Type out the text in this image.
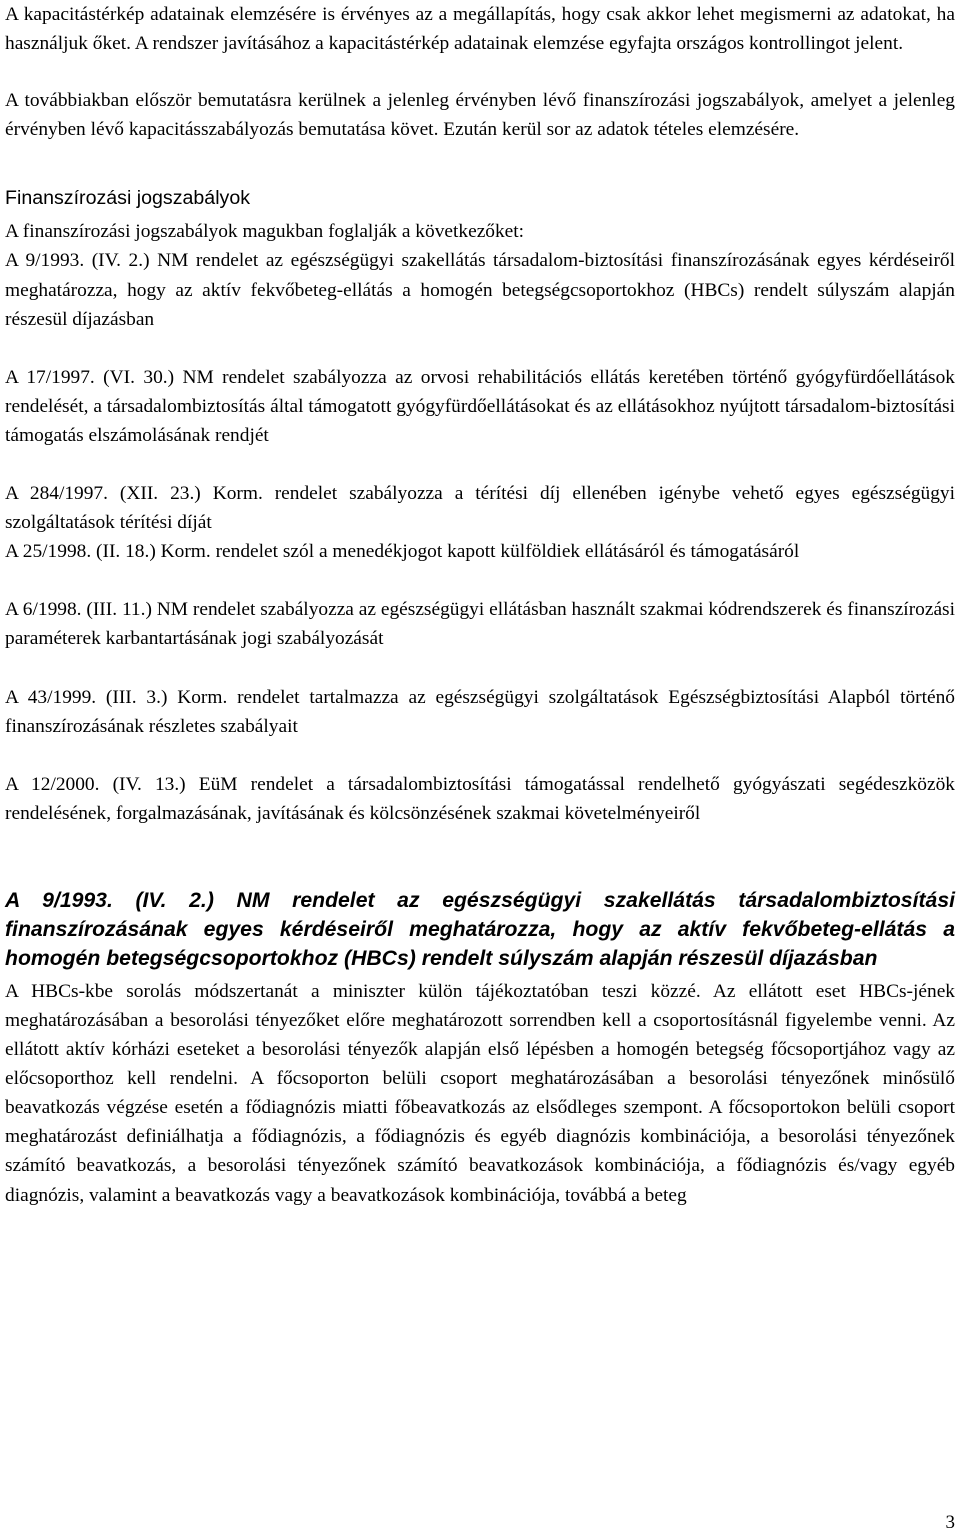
A kapacitástérkép adatainak elemzésére is érvényes az a megállapítás, hogy csak akkor lehet megismerni az adatokat, ha használjuk őket. A rendszer javításához a kapacitástérkép adatainak elemzése egyfajta országos kontrollingot jelent.

A továbbiakban először bemutatásra kerülnek a jelenleg érvényben lévő finanszírozási jogszabályok, amelyet a jelenleg érvényben lévő kapacitásszabályozás bemutatása követ. Ezután kerül sor az adatok tételes elemzésére.

Finanszírozási jogszabályok

A finanszírozási jogszabályok magukban foglalják a következőket:

A 9/1993. (IV. 2.) NM rendelet az egészségügyi szakellátás társadalom-biztosítási finanszírozásának egyes kérdéseiről meghatározza, hogy az aktív fekvőbeteg-ellátás a homogén betegségcsoportokhoz (HBCs) rendelt súlyszám alapján részesül díjazásban

A 17/1997. (VI. 30.) NM rendelet szabályozza az orvosi rehabilitációs ellátás keretében történő gyógyfürdőellátások rendelését, a társadalombiztosítás által támogatott gyógyfürdőellátásokat és az ellátásokhoz nyújtott társadalom-biztosítási támogatás elszámolásának rendjét

A 284/1997. (XII. 23.) Korm. rendelet szabályozza a térítési díj ellenében igénybe vehető egyes egészségügyi szolgáltatások térítési díját

A 25/1998. (II. 18.) Korm. rendelet szól a menedékjogot kapott külföldiek ellátásáról és támogatásáról

A 6/1998. (III. 11.) NM rendelet szabályozza az egészségügyi ellátásban használt szakmai kódrendszerek és finanszírozási paraméterek karbantartásának jogi szabályozását

A 43/1999. (III. 3.) Korm. rendelet tartalmazza az egészségügyi szolgáltatások Egészségbiztosítási Alapból történő finanszírozásának részletes szabályait

A 12/2000. (IV. 13.) EüM rendelet a társadalombiztosítási támogatással rendelhető gyógyászati segédeszközök rendelésének, forgalmazásának, javításának és kölcsönzésének szakmai követelményeiről

A 9/1993. (IV. 2.) NM rendelet az egészségügyi szakellátás társadalombiztosítási finanszírozásának egyes kérdéseiről meghatározza, hogy az aktív fekvőbeteg-ellátás a homogén betegségcsoportokhoz (HBCs) rendelt súlyszám alapján részesül díjazásban

A HBCs-kbe sorolás módszertanát a miniszter külön tájékoztatóban teszi közzé. Az ellátott eset HBCs-jének meghatározásában a besorolási tényezőket előre meghatározott sorrendben kell a csoportosításnál figyelembe venni. Az ellátott aktív kórházi eseteket a besorolási tényezők alapján első lépésben a homogén betegség főcsoportjához vagy az előcsoporthoz kell rendelni. A főcsoporton belüli csoport meghatározásában a besorolási tényezőnek minősülő beavatkozás végzése esetén a fődiagnózis miatti főbeavatkozás az elsődleges szempont. A főcsoportokon belüli csoport meghatározást definiálhatja a fődiagnózis, a fődiagnózis és egyéb diagnózis kombinációja, a besorolási tényezőnek számító beavatkozás, a besorolási tényezőnek számító beavatkozások kombinációja, a fődiagnózis és/vagy egyéb diagnózis, valamint a beavatkozás vagy a beavatkozások kombinációja, továbbá a beteg

3
